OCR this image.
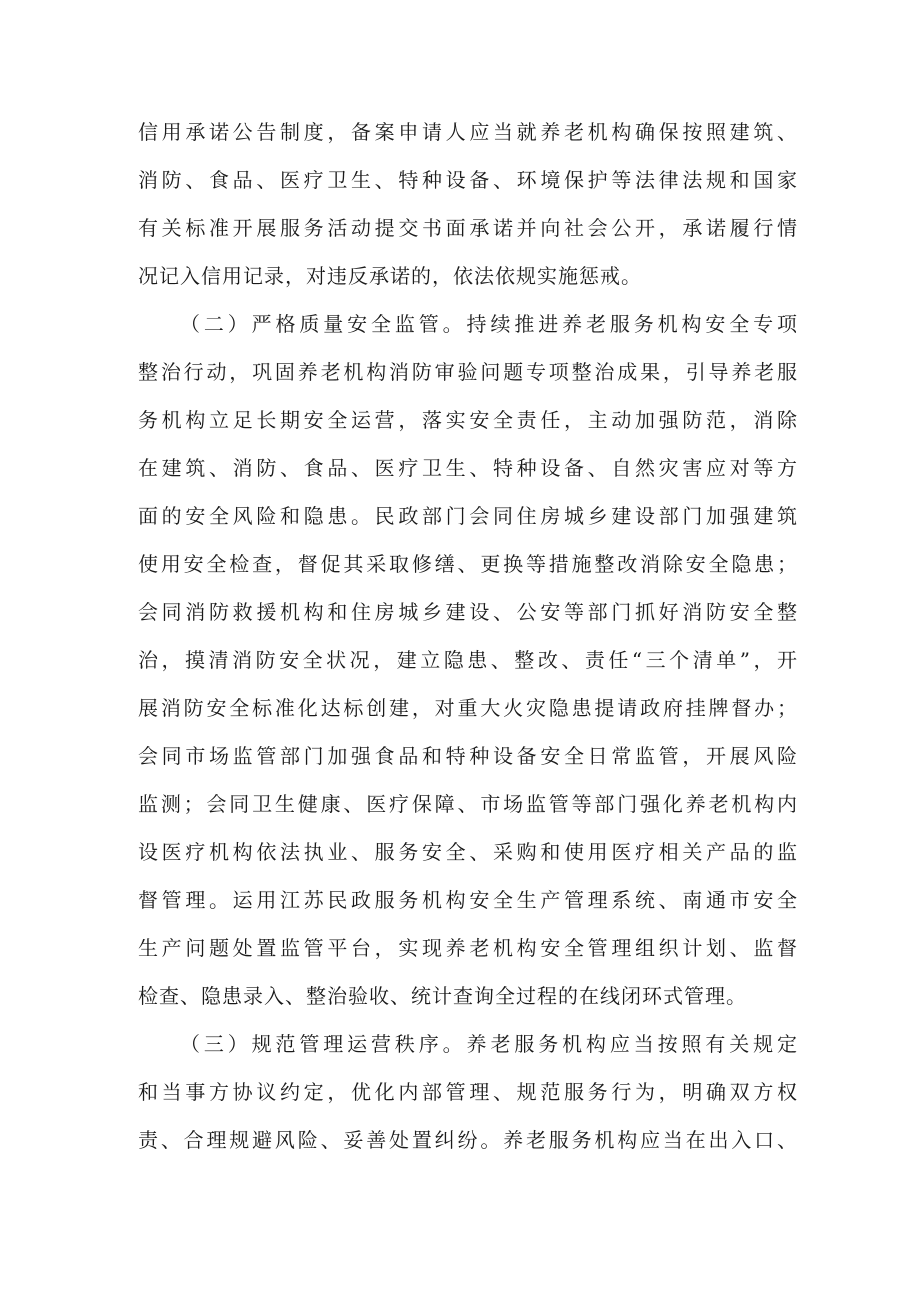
信用承诺公告制度，备案申请人应当就养老机构确保按照建筑、
消防、食品、医疗卫生、特种设备、环境保护等法律法规和国家
有关标准开展服务活动提交书面承诺并向社会公开，承诺履行情
况记入信用记录，对违反承诺的，依法依规实施惩戒。
（二）严格质量安全监管。持续推进养老服务机构安全专项
整治行动，巩固养老机构消防审验问题专项整治成果，引导养老服
务机构立足长期安全运营，落实安全责任，主动加强防范，消除
在建筑、消防、食品、医疗卫生、特种设备、自然灾害应对等方
面的安全风险和隐患。民政部门会同住房城乡建设部门加强建筑
使用安全检查，督促其采取修缮、更换等措施整改消除安全隐患；
会同消防救援机构和住房城乡建设、公安等部门抓好消防安全整
治，摸清消防安全状况，建立隐患、整改、责任“三个清单”，开
展消防安全标准化达标创建，对重大火灾隐患提请政府挂牌督办；
会同市场监管部门加强食品和特种设备安全日常监管，开展风险
监测；会同卫生健康、医疗保障、市场监管等部门强化养老机构内
设医疗机构依法执业、服务安全、采购和使用医疗相关产品的监
督管理。运用江苏民政服务机构安全生产管理系统、南通市安全
生产问题处置监管平台，实现养老机构安全管理组织计划、监督
检查、隐患录入、整治验收、统计查询全过程的在线闭环式管理。
（三）规范管理运营秩序。养老服务机构应当按照有关规定
和当事方协议约定，优化内部管理、规范服务行为，明确双方权
责、合理规避风险、妥善处置纠纷。养老服务机构应当在出入口、
